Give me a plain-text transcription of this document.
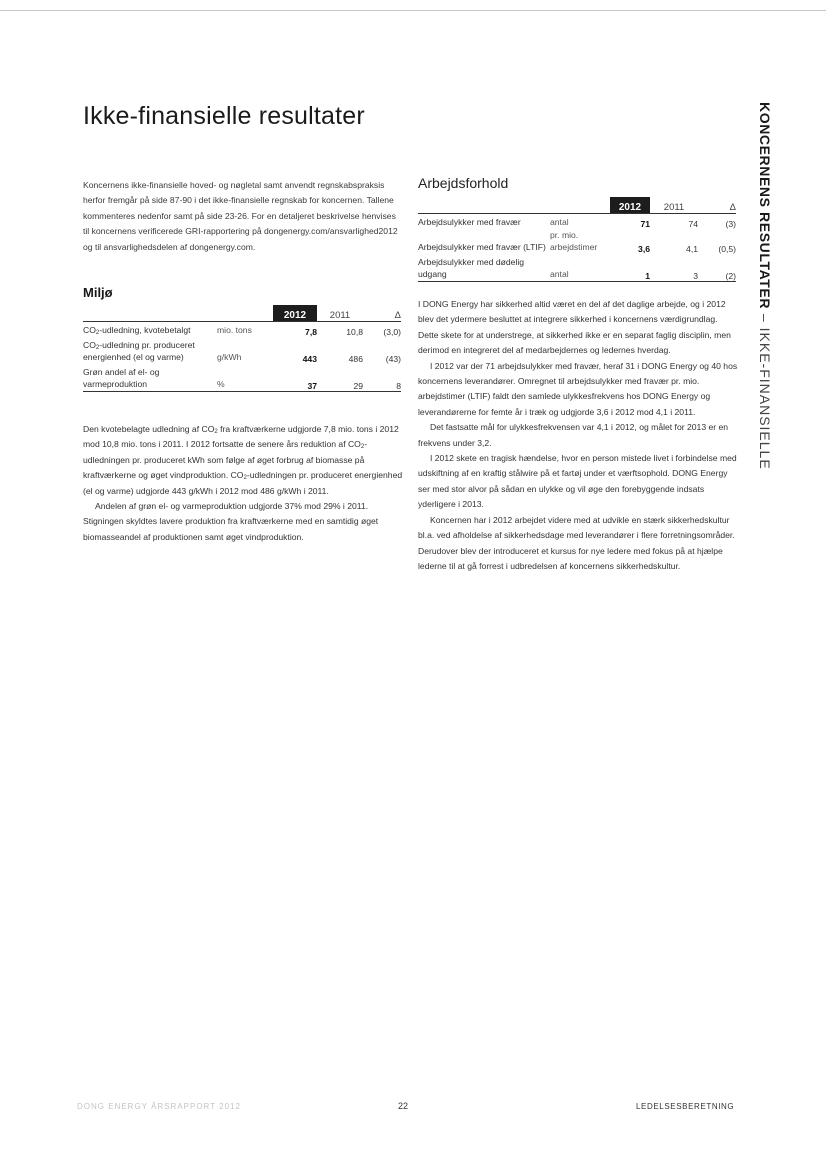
Ikke-finansielle resultater	KONCERNENS RESULTATER – IKKE-FINANSIELLE

Koncernens ikke-finansielle hoved- og nøgletal samt anvendt regnskabspraksis herfor fremgår på side 87-90 i det ikke-finansielle regnskab for koncernen. Tallene kommenteres nedenfor samt på side 23-26. For en detaljeret beskrivelse henvises til koncernens verificerede GRI-rapportering på dongenergy.com/ansvarlighed2012 og til ansvarlighedsdelen af dongenergy.com.

Miljø
		2012	2011	Δ
$CO_2$-udledning, kvotebetalgt	mio. tons	7,8	10,8	(3,0)
$CO_2$-udledning pr. produceret energienhed (el og varme)	g/kWh	443	486	(43)
Grøn andel af el- og varmeproduktion	%	37	29	8

Den kvotebelagte udledning af $CO_2$ fra kraftværkerne udgjorde 7,8 mio. tons i 2012 mod 10,8 mio. tons i 2011. I 2012 fortsatte de senere års reduktion af $CO_2$-udledningen pr. produceret kWh som følge af øget forbrug af biomasse på kraftværkerne og øget vindproduktion. $CO_2$-udledningen pr. produceret energienhed (el og varme) udgjorde 443 g/kWh i 2012 mod 486 g/kWh i 2011.

Andelen af grøn el- og varmeproduktion udgjorde 37% mod 29% i 2011. Stigningen skyldtes lavere produktion fra kraftværkerne med en samtidig øget biomasseandel af produktionen samt øget vindproduktion.

Arbejdsforhold
		2012	2011	Δ
Arbejdsulykker med fravær	antal	71	74	(3)
Arbejdsulykker med fravær (LTIF)	pr. mio. arbejdstimer	3,6	4,1	(0,5)
Arbejdsulykker med dødelig udgang	antal	1	3	(2)

I DONG Energy har sikkerhed altid været en del af det daglige arbejde, og i 2012 blev det ydermere besluttet at integrere sikkerhed i koncernens værdigrundlag. Dette skete for at understrege, at sikkerhed ikke er en separat faglig disciplin, men derimod en integreret del af medarbejdernes og ledernes hverdag.

I 2012 var der 71 arbejdsulykker med fravær, heraf 31 i DONG Energy og 40 hos koncernens leverandører. Omregnet til arbejdsulykker med fravær pr. mio. arbejdstimer (LTIF) faldt den samlede ulykkesfrekvens hos DONG Energy og leverandørerne for femte år i træk og udgjorde 3,6 i 2012 mod 4,1 i 2011.

Det fastsatte mål for ulykkesfrekvensen var 4,1 i 2012, og målet for 2013 er en frekvens under 3,2.

I 2012 skete en tragisk hændelse, hvor en person mistede livet i forbindelse med udskiftning af en kraftig stålwire på et fartøj under et værftsophold. DONG Energy ser med stor alvor på sådan en ulykke og vil øge den forebyggende indsats yderligere i 2013.

Koncernen har i 2012 arbejdet videre med at udvikle en stærk sikkerhedskultur bl.a. ved afholdelse af sikkerhedsdage med leverandører i flere forretningsområder. Derudover blev der introduceret et kursus for nye ledere med fokus på at hjælpe lederne til at gå forrest i udbredelsen af koncernens sikkerhedskultur.

DONG ENERGY ÅRSRAPPORT 2012	22	LEDELSESBERETNING
